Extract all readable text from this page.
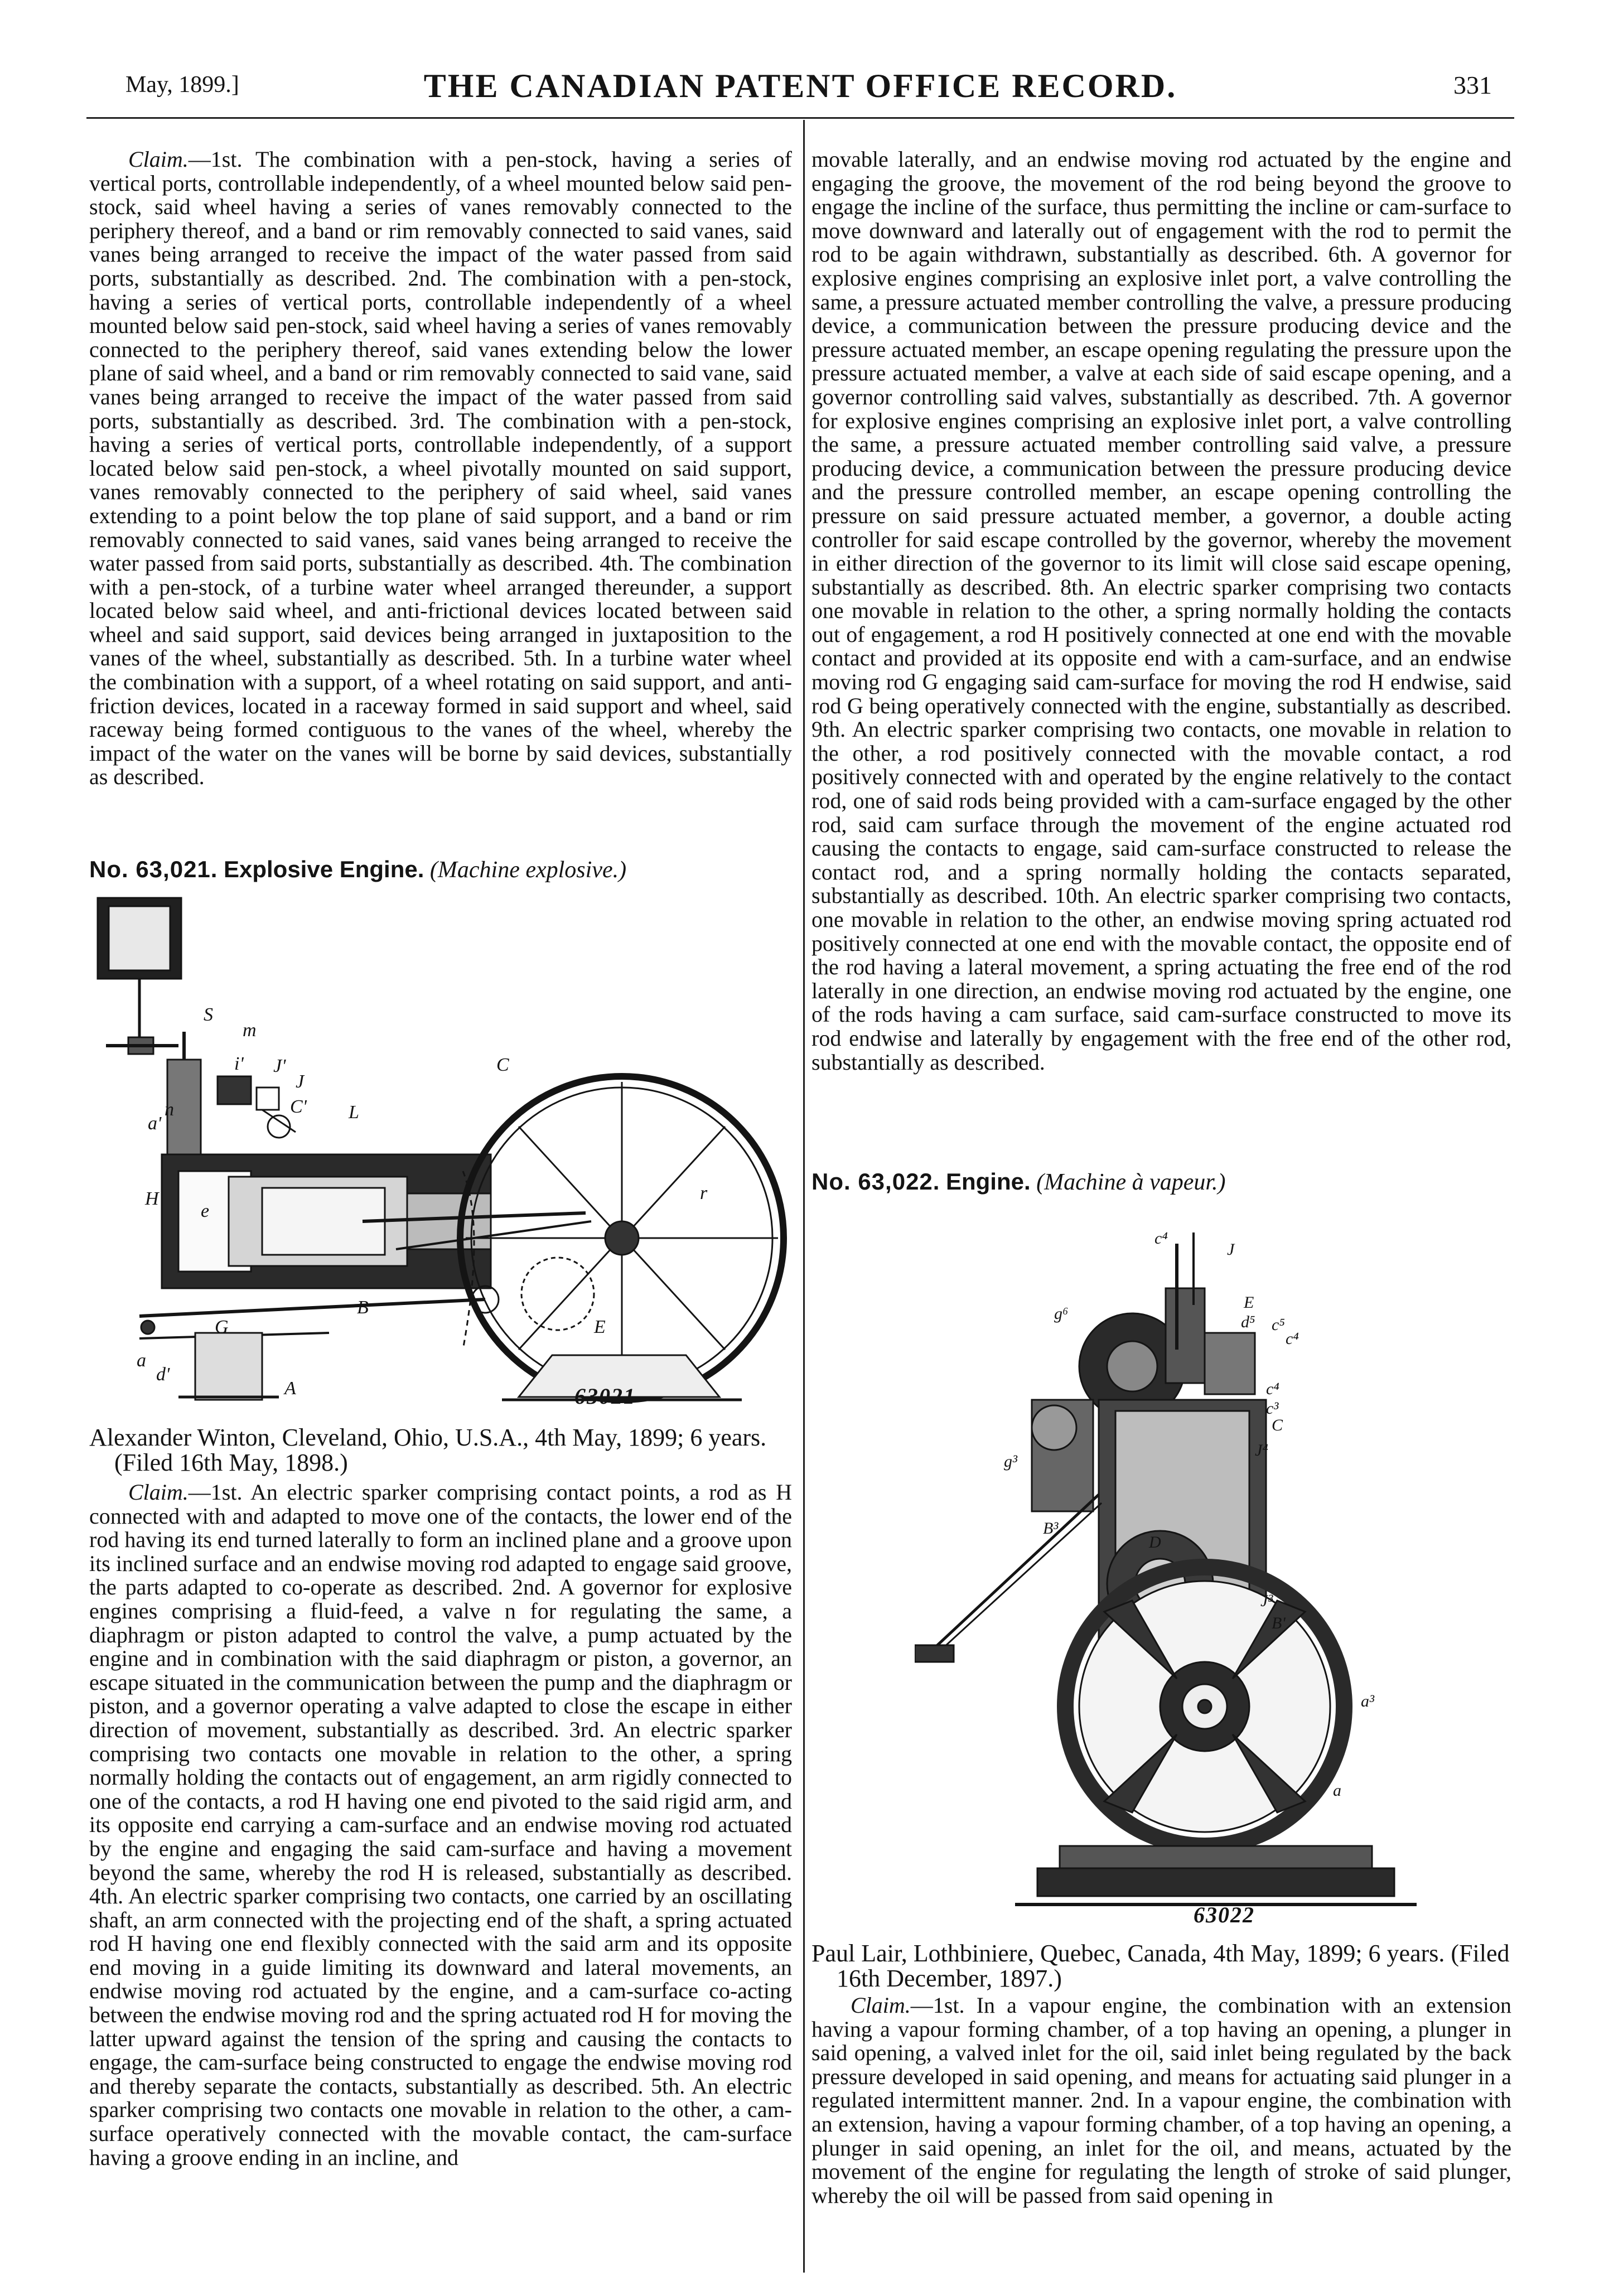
May, 1899.]	THE CANADIAN PATENT OFFICE RECORD.	331

Claim.—1st. The combination with a pen-stock, having a series of vertical ports, controllable independently, of a wheel mounted below said pen-stock, said wheel having a series of vanes removably connected to the periphery thereof, and a band or rim removably connected to said vanes, said vanes being arranged to receive the impact of the water passed from said ports, substantially as described. 2nd. The combination with a pen-stock, having a series of vertical ports, controllable independently of a wheel mounted below said pen-stock, said wheel having a series of vanes removably connected to the periphery thereof, said vanes extending below the lower plane of said wheel, and a band or rim removably connected to said vane, said vanes being arranged to receive the impact of the water passed from said ports, substantially as described. 3rd. The combination with a pen-stock, having a series of vertical ports, controllable independently, of a support located below said pen-stock, a wheel pivotally mounted on said support, vanes removably connected to the periphery of said wheel, said vanes extending to a point below the top plane of said support, and a band or rim removably connected to said vanes, said vanes being arranged to receive the water passed from said ports, substantially as described. 4th. The combination with a pen-stock, of a turbine water wheel arranged thereunder, a support located below said wheel, and anti-frictional devices located between said wheel and said support, said devices being arranged in juxtaposition to the vanes of the wheel, substantially as described. 5th. In a turbine water wheel the combination with a support, of a wheel rotating on said support, and anti-friction devices, located in a raceway formed in said support and wheel, said raceway being formed contiguous to the vanes of the wheel, whereby the impact of the water on the vanes will be borne by said devices, substantially as described.

No. 63,021. Explosive Engine. (Machine explosive.)
S
m
i' J'
J
n
a'
C' L
C
H
e
r
G
B
E
a
d'
A	63021

Alexander Winton, Cleveland, Ohio, U.S.A., 4th May, 1899; 6 years. (Filed 16th May, 1898.)

Claim.—1st. An electric sparker comprising contact points, a rod as H connected with and adapted to move one of the contacts, the lower end of the rod having its end turned laterally to form an inclined plane and a groove upon its inclined surface and an endwise moving rod adapted to engage said groove, the parts adapted to co-operate as described. 2nd. A governor for explosive engines comprising a fluid-feed, a valve n for regulating the same, a diaphragm or piston adapted to control the valve, a pump actuated by the engine and in combination with the said diaphragm or piston, a governor, an escape situated in the communication between the pump and the diaphragm or piston, and a governor operating a valve adapted to close the escape in either direction of movement, substantially as described. 3rd. An electric sparker comprising two contacts one movable in relation to the other, a spring normally holding the contacts out of engagement, an arm rigidly connected to one of the contacts, a rod H having one end pivoted to the said rigid arm, and its opposite end carrying a cam-surface and an endwise moving rod actuated by the engine and engaging the said cam-surface and having a movement beyond the same, whereby the rod H is released, substantially as described. 4th. An electric sparker comprising two contacts, one carried by an oscillating shaft, an arm connected with the projecting end of the shaft, a spring actuated rod H having one end flexibly connected with the said arm and its opposite end moving in a guide limiting its downward and lateral movements, an endwise moving rod actuated by the engine, and a cam-surface co-acting between the endwise moving rod and the spring actuated rod H for moving the latter upward against the tension of the spring and causing the contacts to engage, the cam-surface being constructed to engage the endwise moving rod and thereby separate the contacts, substantially as described. 5th. An electric sparker comprising two contacts one movable in relation to the other, a cam-surface operatively connected with the movable contact, the cam-surface having a groove ending in an incline, and

movable laterally, and an endwise moving rod actuated by the engine and engaging the groove, the movement of the rod being beyond the groove to engage the incline of the surface, thus permitting the incline or cam-surface to move downward and laterally out of engagement with the rod to permit the rod to be again withdrawn, substantially as described. 6th. A governor for explosive engines comprising an explosive inlet port, a valve controlling the same, a pressure actuated member controlling the valve, a pressure producing device, a communication between the pressure producing device and the pressure actuated member, an escape opening regulating the pressure upon the pressure actuated member, a valve at each side of said escape opening, and a governor controlling said valves, substantially as described. 7th. A governor for explosive engines comprising an explosive inlet port, a valve controlling the same, a pressure actuated member controlling said valve, a pressure producing device, a communication between the pressure producing device and the pressure controlled member, an escape opening controlling the pressure on said pressure actuated member, a governor, a double acting controller for said escape controlled by the governor, whereby the movement in either direction of the governor to its limit will close said escape opening, substantially as described. 8th. An electric sparker comprising two contacts one movable in relation to the other, a spring normally holding the contacts out of engagement, a rod H positively connected at one end with the movable contact and provided at its opposite end with a cam-surface, and an endwise moving rod G engaging said cam-surface for moving the rod H endwise, said rod G being operatively connected with the engine, substantially as described. 9th. An electric sparker comprising two contacts, one movable in relation to the other, a rod positively connected with the movable contact, a rod positively connected with and operated by the engine relatively to the contact rod, one of said rods being provided with a cam-surface engaged by the other rod, said cam surface through the movement of the engine actuated rod causing the contacts to engage, said cam-surface constructed to release the contact rod, and a spring normally holding the contacts separated, substantially as described. 10th. An electric sparker comprising two contacts, one movable in relation to the other, an endwise moving spring actuated rod positively connected at one end with the movable contact, the opposite end of the rod having a lateral movement, a spring actuating the free end of the rod laterally in one direction, an endwise moving rod actuated by the engine, one of the rods having a cam surface, said cam-surface constructed to move its rod endwise and laterally by engagement with the free end of the other rod, substantially as described.

No. 63,022. Engine. (Machine à vapeur.)
c⁴
J
E
d⁵ c⁵
c⁴
g⁶
c⁴
c³
C
J⁴
g³
B³
D
J³
B'
a³
a
63022

Paul Lair, Lothbiniere, Quebec, Canada, 4th May, 1899; 6 years. (Filed 16th December, 1897.)

Claim.—1st. In a vapour engine, the combination with an extension having a vapour forming chamber, of a top having an opening, a plunger in said opening, a valved inlet for the oil, said inlet being regulated by the back pressure developed in said opening, and means for actuating said plunger in a regulated intermittent manner. 2nd. In a vapour engine, the combination with an extension, having a vapour forming chamber, of a top having an opening, a plunger in said opening, an inlet for the oil, and means, actuated by the movement of the engine for regulating the length of stroke of said plunger, whereby the oil will be passed from said opening in
